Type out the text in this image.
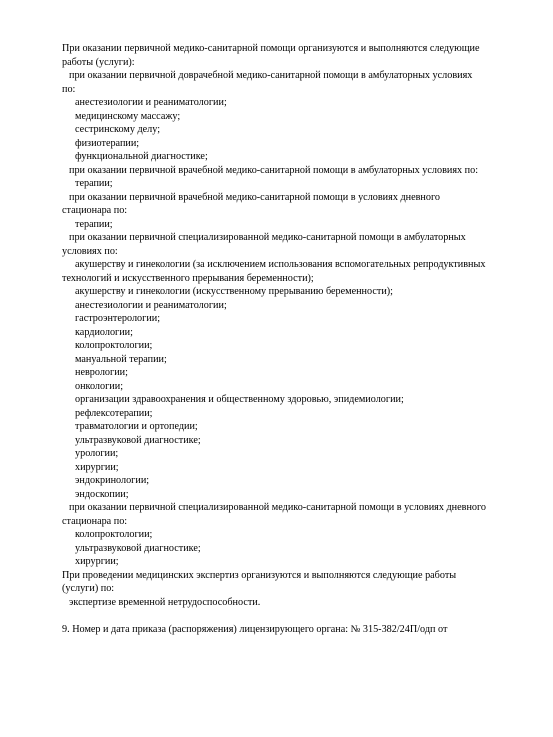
При оказании первичной медико-санитарной помощи организуются и выполняются следующие
работы (услуги):
при оказании первичной доврачебной медико-санитарной помощи в амбулаторных условиях
по:
анестезиологии и реаниматологии;
медицинскому массажу;
сестринскому делу;
физиотерапии;
функциональной диагностике;
при оказании первичной врачебной медико-санитарной помощи в амбулаторных условиях по:
терапии;
при оказании первичной врачебной медико-санитарной помощи в условиях дневного
стационара по:
терапии;
при оказании первичной специализированной медико-санитарной помощи в амбулаторных
условиях по:
акушерству и гинекологии (за исключением использования вспомогательных репродуктивных
технологий и искусственного прерывания беременности);
акушерству и гинекологии (искусственному прерыванию беременности);
анестезиологии и реаниматологии;
гастроэнтерологии;
кардиологии;
колопроктологии;
мануальной терапии;
неврологии;
онкологии;
организации здравоохранения и общественному здоровью, эпидемиологии;
рефлексотерапии;
травматологии и ортопедии;
ультразвуковой диагностике;
урологии;
хирургии;
эндокринологии;
эндоскопии;
при оказании первичной специализированной медико-санитарной помощи в условиях дневного
стационара по:
колопроктологии;
ультразвуковой диагностике;
хирургии;
При проведении медицинских экспертиз организуются и выполняются следующие работы
(услуги) по:
экспертизе временной нетрудоспособности.
9. Номер и дата приказа (распоряжения) лицензирующего органа: № 315-382/24П/одп от
